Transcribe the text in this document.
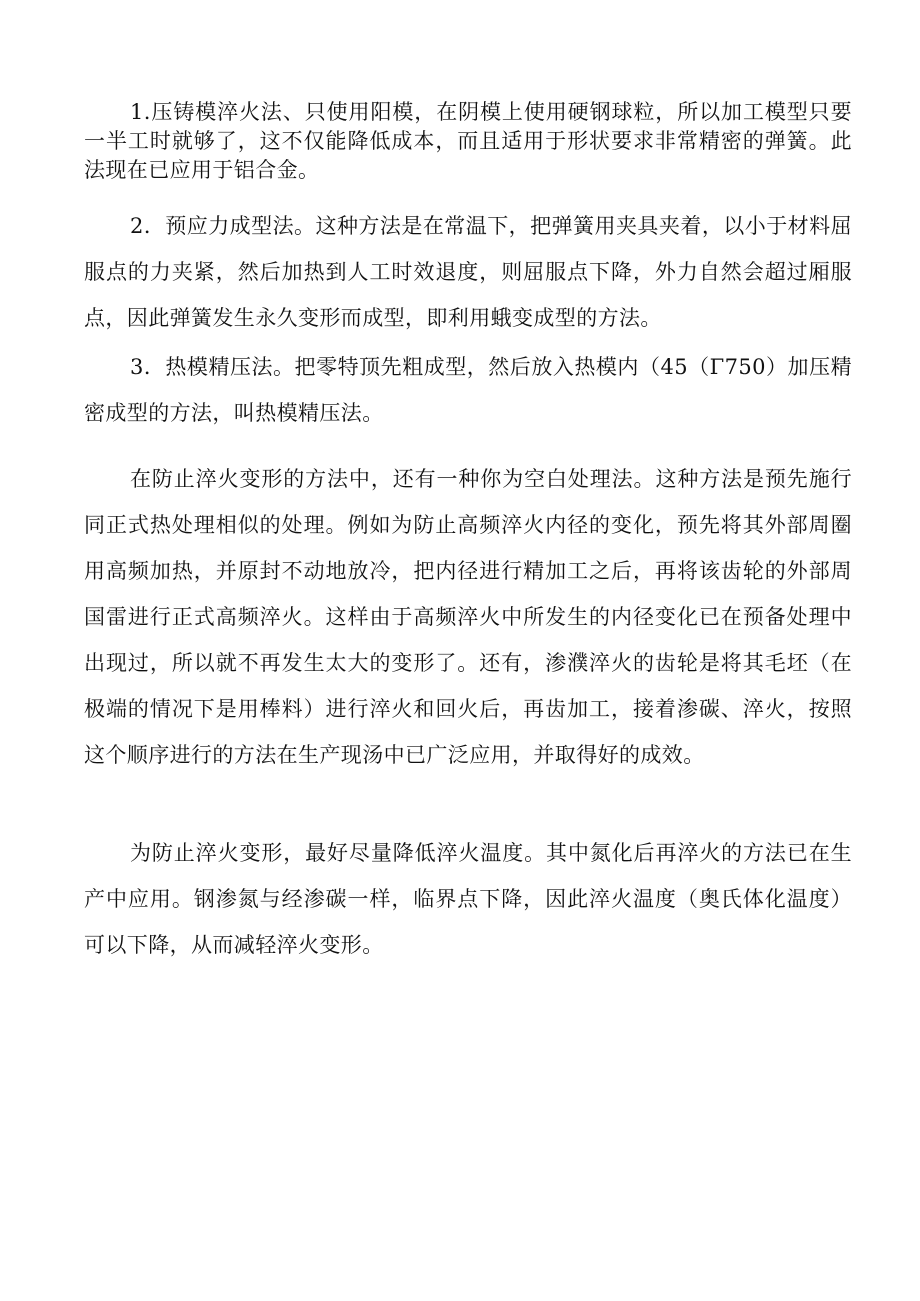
1.压铸模淬火法、只使用阳模，在阴模上使用硬钢球粒，所以加工模型只要一半工时就够了，这不仅能降低成本，而且适用于形状要求非常精密的弹簧。此法现在已应用于铝合金。

2．预应力成型法。这种方法是在常温下，把弹簧用夹具夹着，以小于材料屈服点的力夹紧，然后加热到人工时效退度，则屈服点下降，外力自然会超过厢服点，因此弹簧发生永久变形而成型，即利用蛾变成型的方法。

3．热模精压法。把零特顶先粗成型，然后放入热模内（45（Γ750）加压精密成型的方法，叫热模精压法。

在防止淬火变形的方法中，还有一种你为空白处理法。这种方法是预先施行同正式热处理相似的处理。例如为防止高频淬火内径的变化，预先将其外部周圈用高频加热，并原封不动地放冷，把内径进行精加工之后，再将该齿轮的外部周国雷进行正式高频淬火。这样由于高频淬火中所发生的内径变化已在预备处理中出现过，所以就不再发生太大的变形了。还有，渗濮淬火的齿轮是将其毛坯（在极端的情况下是用棒料）进行淬火和回火后，再齿加工，接着渗碳、淬火，按照这个顺序进行的方法在生产现汤中已广泛应用，并取得好的成效。

为防止淬火变形，最好尽量降低淬火温度。其中氮化后再淬火的方法已在生产中应用。钢渗氮与经渗碳一样，临界点下降，因此淬火温度（奥氏体化温度）可以下降，从而减轻淬火变形。
